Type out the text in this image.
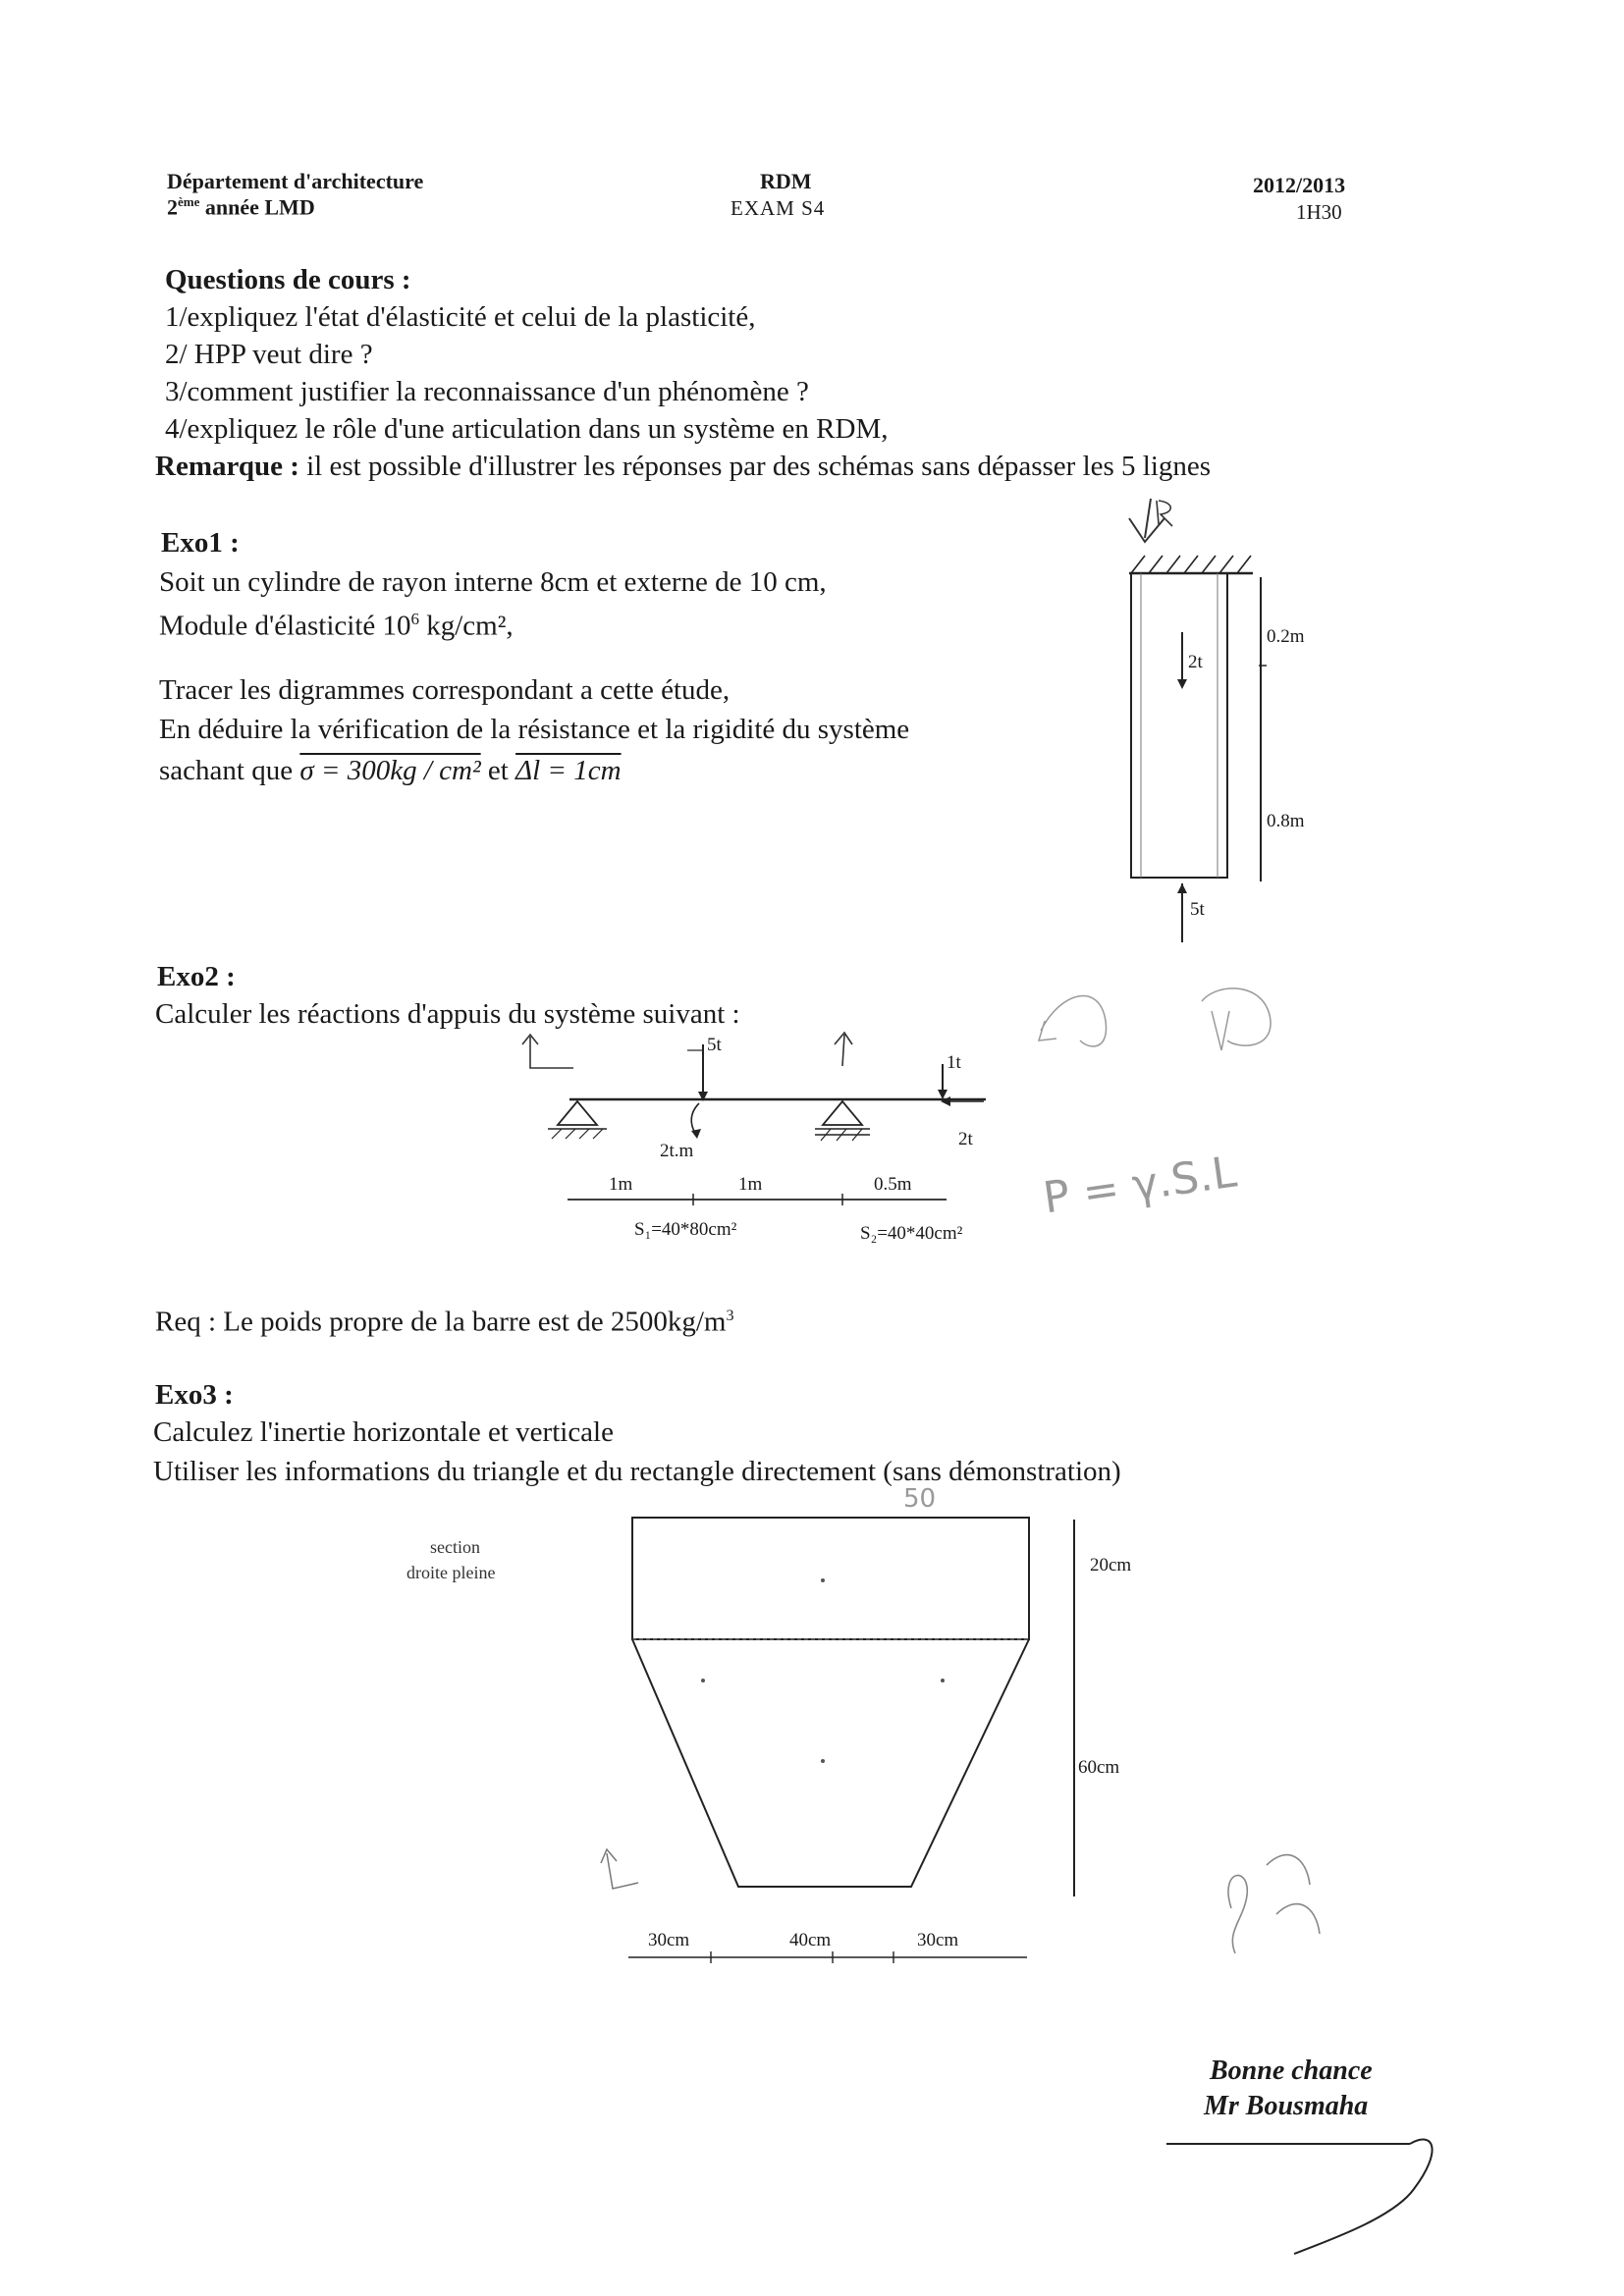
Département d'architecture
2ème année LMD
RDM
EXAM S4
2012/2013
1H30
Questions de cours :
1/expliquez l'état d'élasticité et celui de la plasticité,
2/ HPP veut dire ?
3/comment justifier la reconnaissance d'un phénomène ?
4/expliquez le rôle d'une articulation dans un système en RDM,
Remarque : il est possible d'illustrer les réponses par des schémas sans dépasser les 5 lignes
Exo1 :
Soit un cylindre de rayon interne 8cm et externe de 10 cm,
Module d'élasticité $10^6$ kg/cm²,
Tracer les digrammes correspondant a cette étude,
En déduire la vérification de la résistance et la rigidité du système
sachant que σ = 300kg / cm² et Δl = 1cm
2t
5t
0.2m
0.8m
Exo2 :
Calculer les réactions d'appuis du système suivant :
5t
2t.m
1t
2t
1m	1m	0.5m
S₁=40*80cm²	S₂=40*40cm²
P = γ.S.L
Req : Le poids propre de la barre est de $2500kg/m^3$
Exo3 :
Calculez l'inertie horizontale et verticale
Utiliser les informations du triangle et du rectangle directement (sans démonstration)
section
droite pleine	20cm
60cm
30cm	40cm	30cm
50
Bonne chance
Mr Bousmaha
